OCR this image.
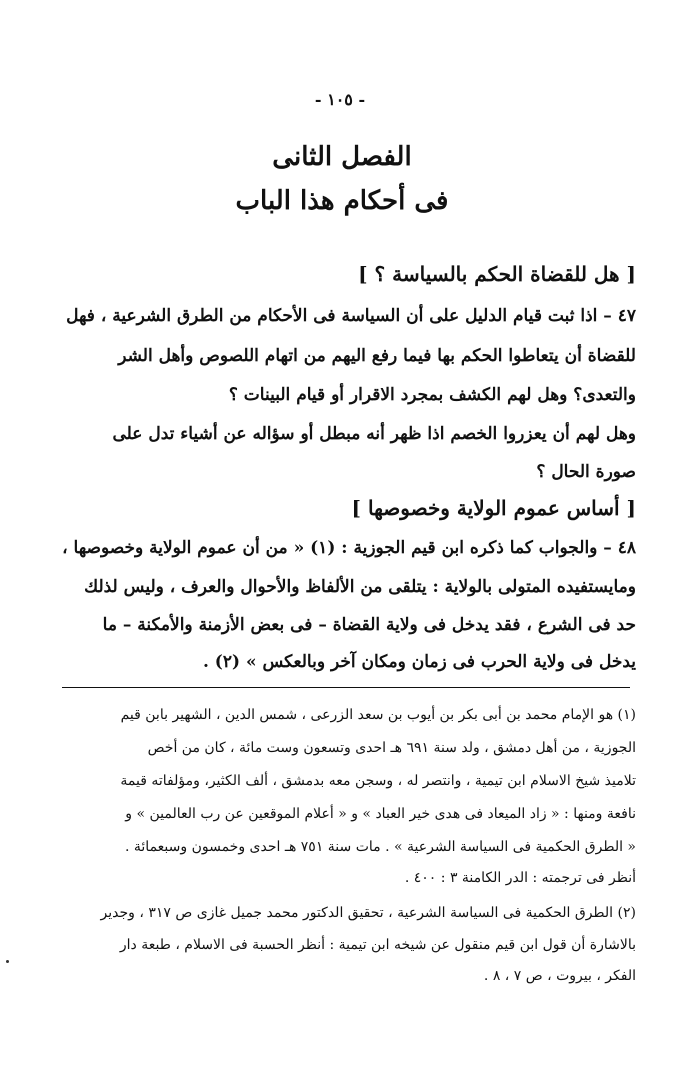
- ١٠٥ -
الفصل الثانى
فى أحكام هذا الباب
[ هل للقضاة الحكم بالسياسة ؟ ]
٤٧ – اذا ثبت قيام الدليل على أن السياسة فى الأحكام من الطرق الشرعية ، فهل
للقضاة أن يتعاطوا الحكم بها فيما رفع اليهم من اتهام اللصوص وأهل الشر
والتعدى؟ وهل لهم الكشف بمجرد الاقرار أو قيام البينات ؟
وهل لهم أن يعزروا الخصم اذا ظهر أنه مبطل أو سؤاله عن أشياء تدل على
صورة الحال ؟
[ أساس عموم الولاية وخصوصها ]
٤٨ – والجواب كما ذكره ابن قيم الجوزية : (١) « من أن عموم الولاية وخصوصها ،
ومايستفيده المتولى بالولاية : يتلقى من الألفاظ والأحوال والعرف ، وليس لذلك
حد فى الشرع ، فقد يدخل فى ولاية القضاة – فى بعض الأزمنة والأمكنة – ما
يدخل فى ولاية الحرب فى زمان ومكان آخر وبالعكس » (٢) .
(١) هو الإمام محمد بن أبى بكر بن أيوب بن سعد الزرعى ، شمس الدين ، الشهير بابن قيم
الجوزية ، من أهل دمشق ، ولد سنة ٦٩١ هـ احدى وتسعون وست مائة ، كان من أخص
تلاميذ شيخ الاسلام ابن تيمية ، وانتصر له ، وسجن معه بدمشق ، ألف الكثير، ومؤلفاته قيمة
نافعة ومنها : « زاد الميعاد فى هدى خير العباد » و « أعلام الموقعين عن رب العالمين » و
« الطرق الحكمية فى السياسة الشرعية » . مات سنة ٧٥١ هـ احدى وخمسون وسبعمائة .
أنظر فى ترجمته : الدر الكامنة ٣ : ٤٠٠ .
(٢) الطرق الحكمية فى السياسة الشرعية ، تحقيق الدكتور محمد جميل غازى ص ٣١٧ ، وجدير
بالاشارة أن قول ابن قيم منقول عن شيخه ابن تيمية : أنظر الحسبة فى الاسلام ، طبعة دار
الفكر ، بيروت ، ص ٧ ، ٨ .
